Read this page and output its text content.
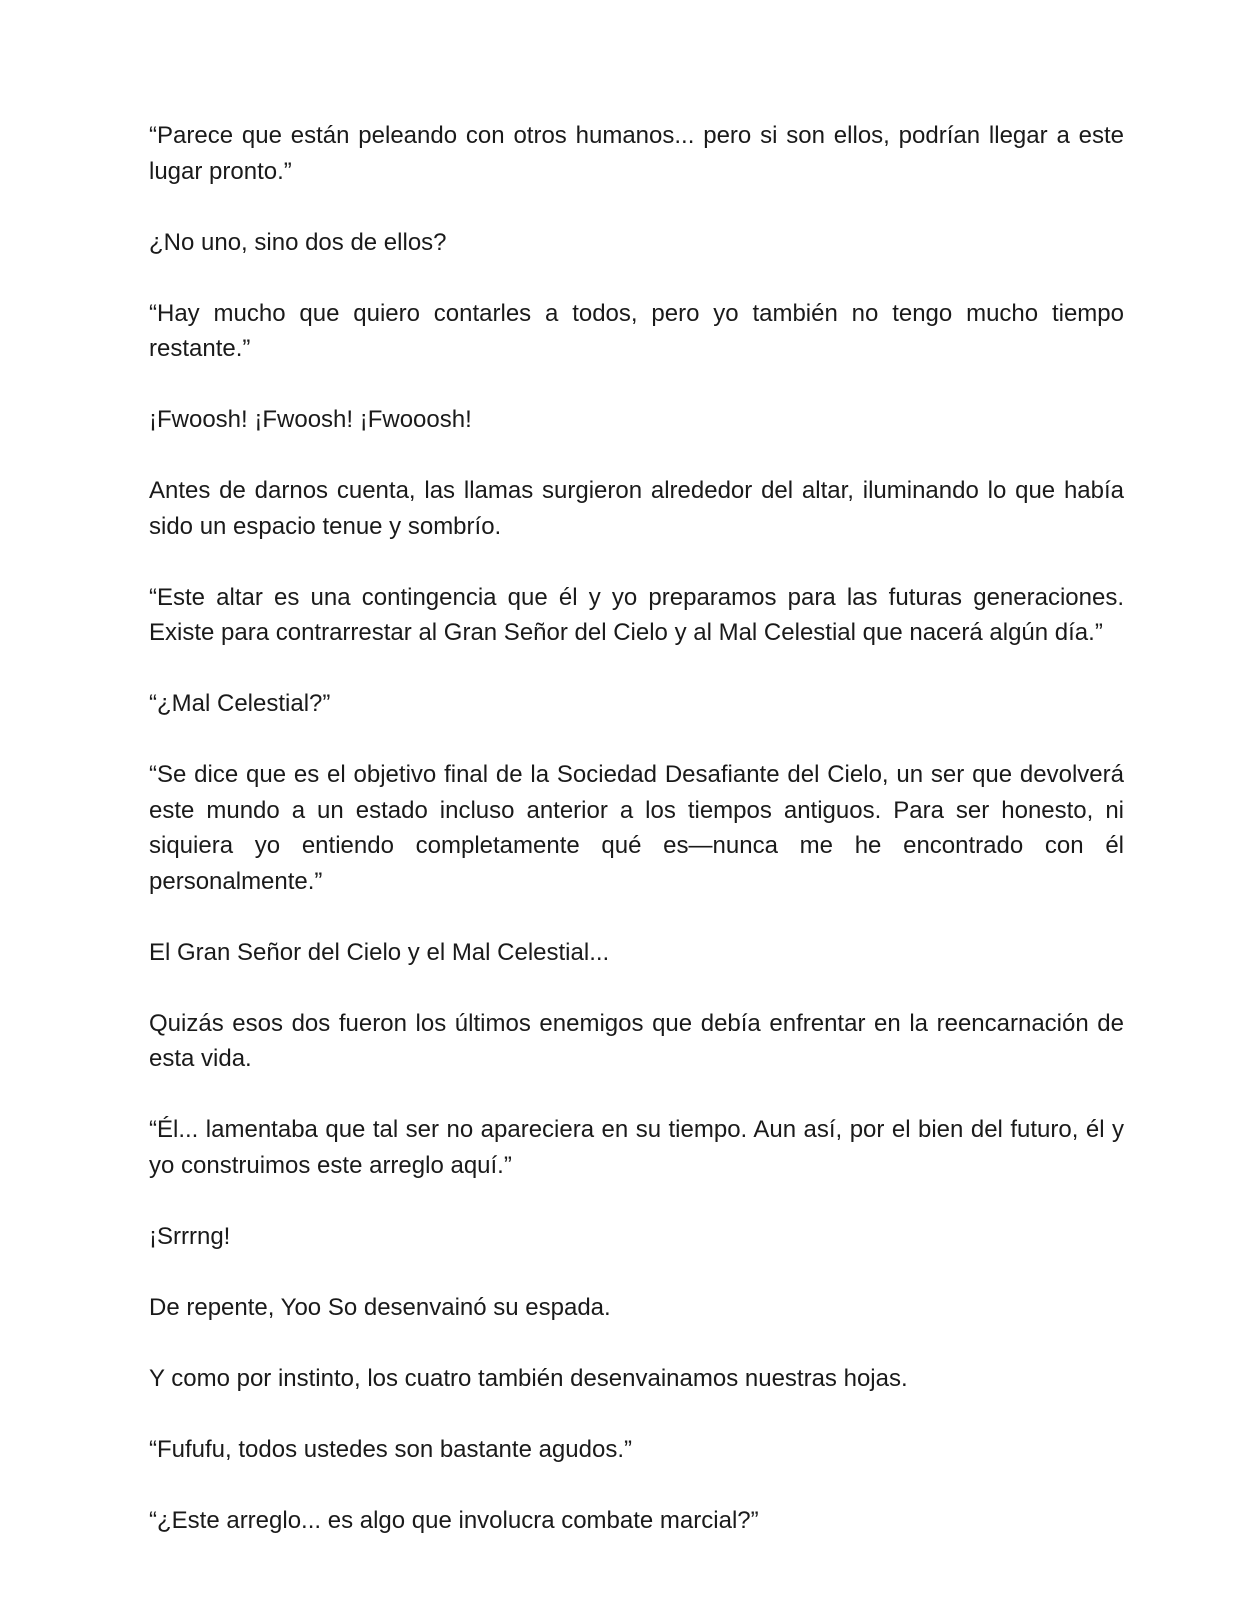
“Parece que están peleando con otros humanos... pero si son ellos, podrían llegar a este lugar pronto.”

¿No uno, sino dos de ellos?

“Hay mucho que quiero contarles a todos, pero yo también no tengo mucho tiempo restante.”

¡Fwoosh! ¡Fwoosh! ¡Fwooosh!

Antes de darnos cuenta, las llamas surgieron alrededor del altar, iluminando lo que había sido un espacio tenue y sombrío.

“Este altar es una contingencia que él y yo preparamos para las futuras generaciones. Existe para contrarrestar al Gran Señor del Cielo y al Mal Celestial que nacerá algún día.”

“¿Mal Celestial?”

“Se dice que es el objetivo final de la Sociedad Desafiante del Cielo, un ser que devolverá este mundo a un estado incluso anterior a los tiempos antiguos. Para ser honesto, ni siquiera yo entiendo completamente qué es—nunca me he encontrado con él personalmente.”

El Gran Señor del Cielo y el Mal Celestial...

Quizás esos dos fueron los últimos enemigos que debía enfrentar en la reencarnación de esta vida.

“Él... lamentaba que tal ser no apareciera en su tiempo. Aun así, por el bien del futuro, él y yo construimos este arreglo aquí.”

¡Srrrng!

De repente, Yoo So desenvainó su espada.

Y como por instinto, los cuatro también desenvainamos nuestras hojas.

“Fufufu, todos ustedes son bastante agudos.”

“¿Este arreglo... es algo que involucra combate marcial?”
